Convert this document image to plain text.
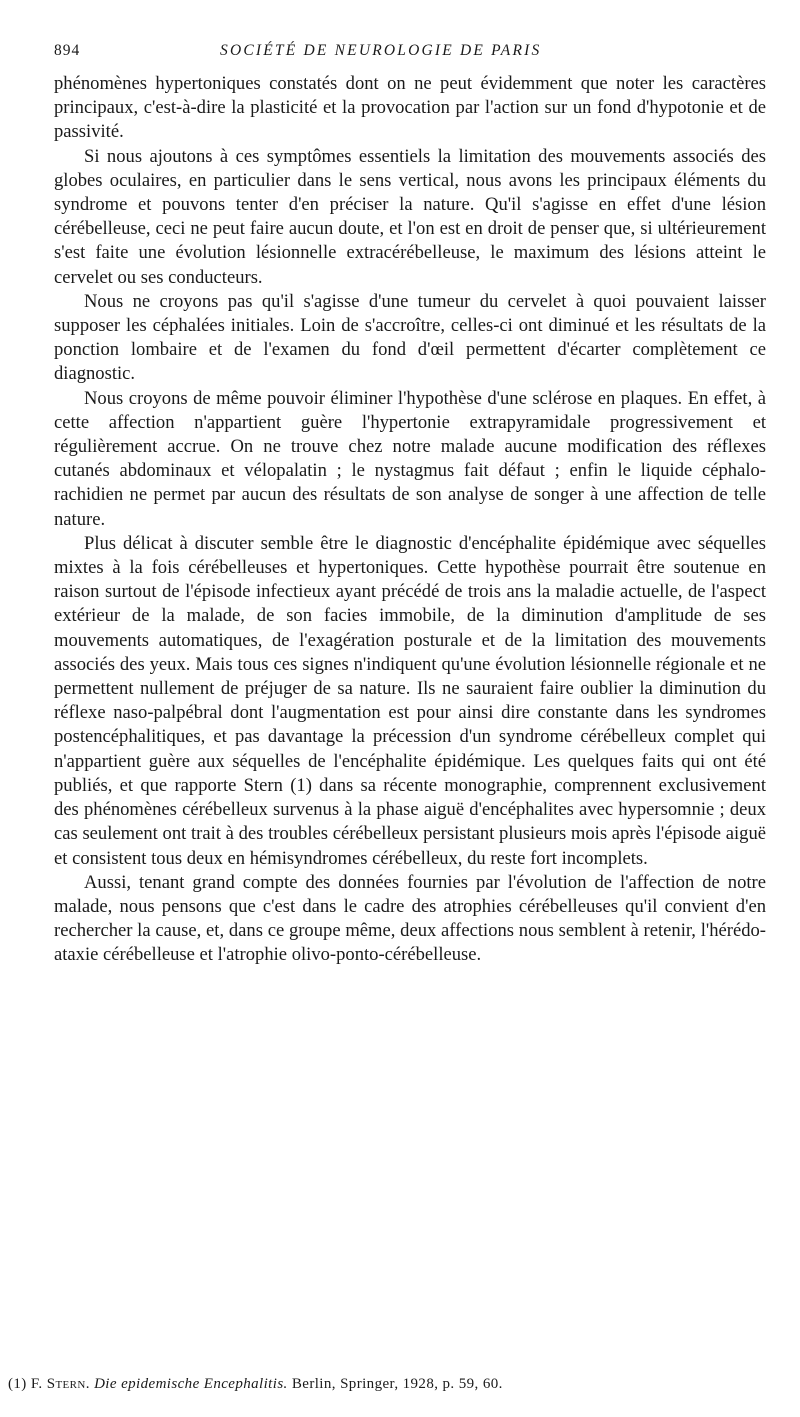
894	SOCIÉTÉ DE NEUROLOGIE DE PARIS

phénomènes hypertoniques constatés dont on ne peut évidemment que noter les caractères principaux, c'est-à-dire la plasticité et la provocation par l'action sur un fond d'hypotonie et de passivité.

Si nous ajoutons à ces symptômes essentiels la limitation des mouvements associés des globes oculaires, en particulier dans le sens vertical, nous avons les principaux éléments du syndrome et pouvons tenter d'en préciser la nature. Qu'il s'agisse en effet d'une lésion cérébelleuse, ceci ne peut faire aucun doute, et l'on est en droit de penser que, si ultérieurement s'est faite une évolution lésionnelle extracérébelleuse, le maximum des lésions atteint le cervelet ou ses conducteurs.

Nous ne croyons pas qu'il s'agisse d'une tumeur du cervelet à quoi pouvaient laisser supposer les céphalées initiales. Loin de s'accroître, celles-ci ont diminué et les résultats de la ponction lombaire et de l'examen du fond d'œil permettent d'écarter complètement ce diagnostic.

Nous croyons de même pouvoir éliminer l'hypothèse d'une sclérose en plaques. En effet, à cette affection n'appartient guère l'hypertonie extrapyramidale progressivement et régulièrement accrue. On ne trouve chez notre malade aucune modification des réflexes cutanés abdominaux et vélopalatin ; le nystagmus fait défaut ; enfin le liquide céphalo-rachidien ne permet par aucun des résultats de son analyse de songer à une affection de telle nature.

Plus délicat à discuter semble être le diagnostic d'encéphalite épidémique avec séquelles mixtes à la fois cérébelleuses et hypertoniques. Cette hypothèse pourrait être soutenue en raison surtout de l'épisode infectieux ayant précédé de trois ans la maladie actuelle, de l'aspect extérieur de la malade, de son facies immobile, de la diminution d'amplitude de ses mouvements automatiques, de l'exagération posturale et de la limitation des mouvements associés des yeux. Mais tous ces signes n'indiquent qu'une évolution lésionnelle régionale et ne permettent nullement de préjuger de sa nature. Ils ne sauraient faire oublier la diminution du réflexe naso-palpébral dont l'augmentation est pour ainsi dire constante dans les syndromes postencéphalitiques, et pas davantage la précession d'un syndrome cérébelleux complet qui n'appartient guère aux séquelles de l'encéphalite épidémique. Les quelques faits qui ont été publiés, et que rapporte Stern (1) dans sa récente monographie, comprennent exclusivement des phénomènes cérébelleux survenus à la phase aiguë d'encéphalites avec hypersomnie ; deux cas seulement ont trait à des troubles cérébelleux persistant plusieurs mois après l'épisode aiguë et consistent tous deux en hémisyndromes cérébelleux, du reste fort incomplets.

Aussi, tenant grand compte des données fournies par l'évolution de l'affection de notre malade, nous pensons que c'est dans le cadre des atrophies cérébelleuses qu'il convient d'en rechercher la cause, et, dans ce groupe même, deux affections nous semblent à retenir, l'hérédo-ataxie cérébelleuse et l'atrophie olivo-ponto-cérébelleuse.

(1) F. Stern. Die epidemische Encephalitis. Berlin, Springer, 1928, p. 59, 60.
